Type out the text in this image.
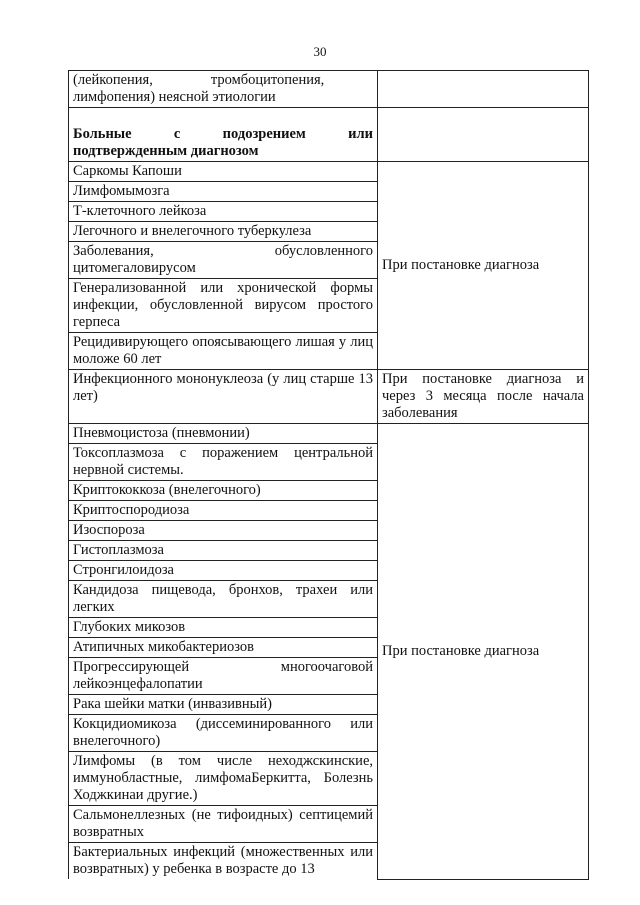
30
(лейкопения,                тромбоцитопения,
лимфопения) неясной этиологии	

Больные с подозрением или подтвержденным диагнозом	
Саркомы Капоши	При постановке диагноза
Лимфомымозга	
Т-клеточного лейкоза	
Легочного и внелегочного туберкулеза	
Заболевания, обусловленного цитомегаловирусом	
Генерализованной или хронической формы инфекции, обусловленной вирусом простого герпеса	
Рецидивирующего опоясывающего лишая у лиц моложе 60 лет	
Инфекционного мононуклеоза (у лиц старше 13 лет)	При постановке диагноза и через 3 месяца после начала заболевания
Пневмоцистоза (пневмонии)	При постановке диагноза
Токсоплазмоза с поражением центральной нервной системы.	
Криптококкоза (внелегочного)	
Криптоспородиоза	
Изоспороза	
Гистоплазмоза	
Стронгилоидоза	
Кандидоза пищевода, бронхов, трахеи или легких	
Глубоких микозов	
Атипичных микобактериозов	
Прогрессирующей многоочаговой лейкоэнцефалопатии	
Рака шейки матки (инвазивный)	
Кокцидиомикоза (диссеминированного или внелегочного)	
Лимфомы (в том числе неходжскинские, иммунобластные, лимфомаБеркитта, Болезнь Ходжкинаи другие.)	
Сальмонеллезных (не тифоидных) септицемий возвратных	
Бактериальных инфекций (множественных или возвратных) у ребенка в возрасте до 13	
